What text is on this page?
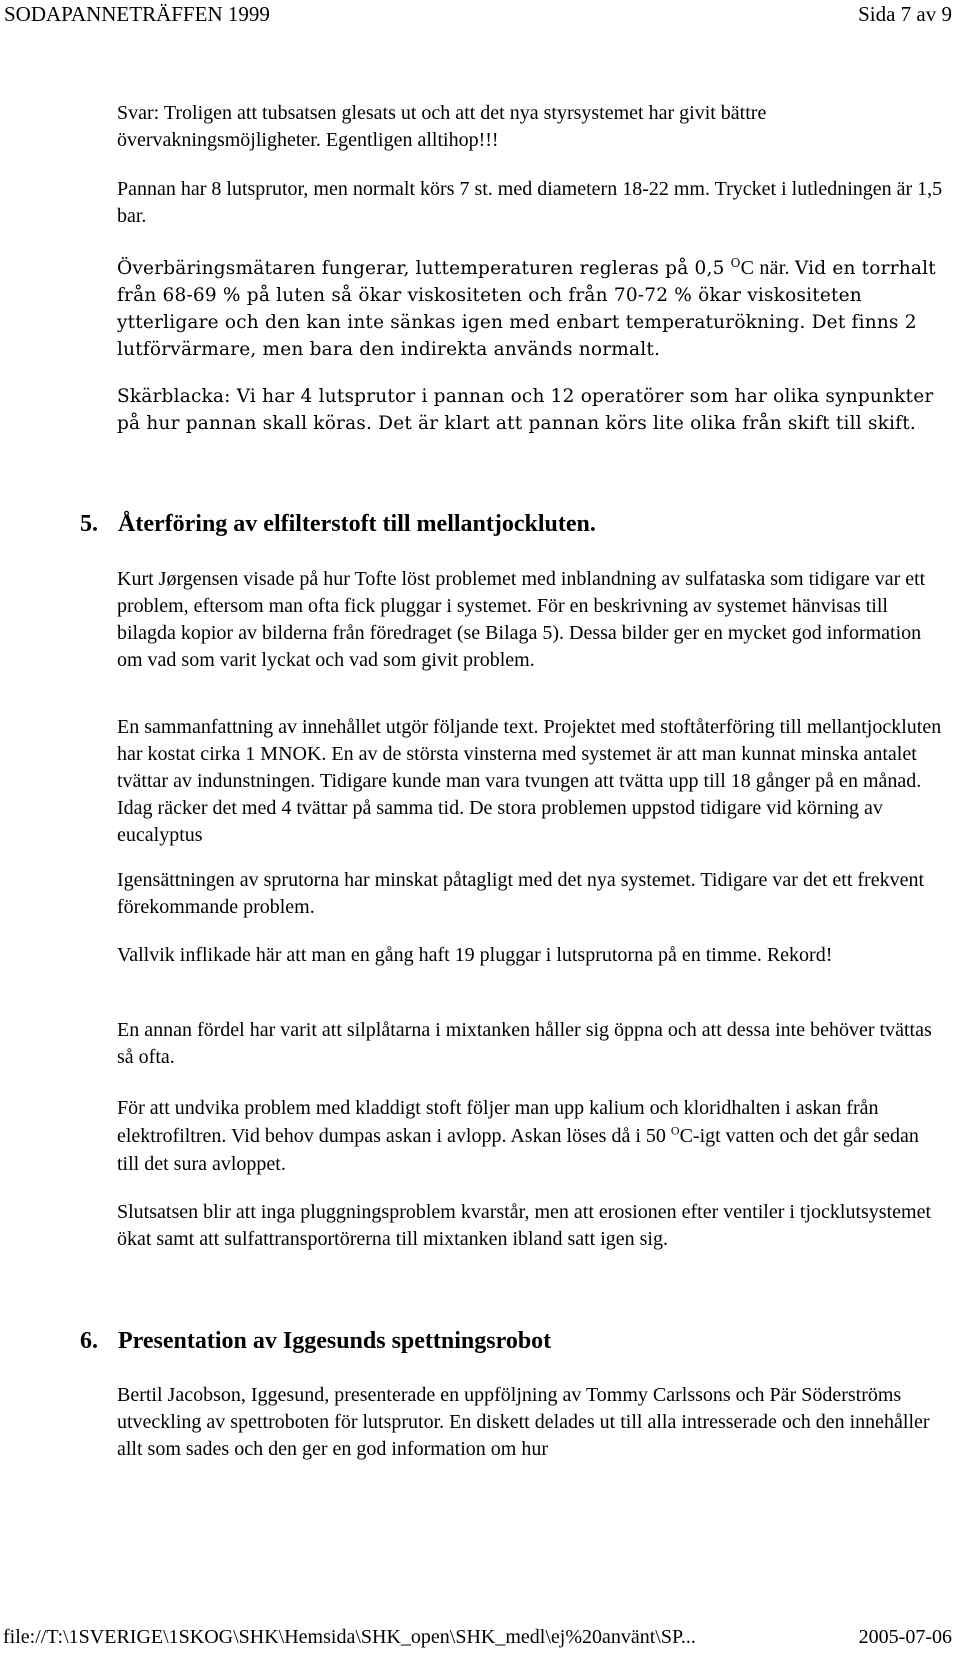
SODAPANNETRÄFFEN 1999	Sida 7 av 9

Svar: Troligen att tubsatsen glesats ut och att det nya styrsystemet har givit bättre övervakningsmöjligheter. Egentligen alltihop!!!

Pannan har 8 lutsprutor, men normalt körs 7 st. med diametern 18-22 mm. Trycket i lutledningen är 1,5 bar.

Överbäringsmätaren fungerar, luttemperaturen regleras på 0,5 $^O$C när. Vid en torrhalt från 68-69 % på luten så ökar viskositeten och från 70-72 % ökar viskositeten ytterligare och den kan inte sänkas igen med enbart temperaturökning. Det finns 2 lutförvärmare, men bara den indirekta används normalt.

Skärblacka: Vi har 4 lutsprutor i pannan och 12 operatörer som har olika synpunkter på hur pannan skall köras. Det är klart att pannan körs lite olika från skift till skift.

5. Återföring av elfilterstoft till mellantjockluten.

Kurt Jørgensen visade på hur Tofte löst problemet med inblandning av sulfataska som tidigare var ett problem, eftersom man ofta fick pluggar i systemet. För en beskrivning av systemet hänvisas till bilagda kopior av bilderna från föredraget (se Bilaga 5). Dessa bilder ger en mycket god information om vad som varit lyckat och vad som givit problem.

En sammanfattning av innehållet utgör följande text. Projektet med stoftåterföring till mellantjockluten har kostat cirka 1 MNOK. En av de största vinsterna med systemet är att man kunnat minska antalet tvättar av indunstningen. Tidigare kunde man vara tvungen att tvätta upp till 18 gånger på en månad. Idag räcker det med 4 tvättar på samma tid. De stora problemen uppstod tidigare vid körning av eucalyptus

Igensättningen av sprutorna har minskat påtagligt med det nya systemet. Tidigare var det ett frekvent förekommande problem.

Vallvik inflikade här att man en gång haft 19 pluggar i lutsprutorna på en timme. Rekord!

En annan fördel har varit att silplåtarna i mixtanken håller sig öppna och att dessa inte behöver tvättas så ofta.

För att undvika problem med kladdigt stoft följer man upp kalium och kloridhalten i askan från elektrofiltren. Vid behov dumpas askan i avlopp. Askan löses då i 50 $^O$C-igt vatten och det går sedan till det sura avloppet.

Slutsatsen blir att inga pluggningsproblem kvarstår, men att erosionen efter ventiler i tjocklutsystemet ökat samt att sulfattransportörerna till mixtanken ibland satt igen sig.

6. Presentation av Iggesunds spettningsrobot

Bertil Jacobson, Iggesund, presenterade en uppföljning av Tommy Carlssons och Pär Söderströms utveckling av spettroboten för lutsprutor. En diskett delades ut till alla intresserade och den innehåller allt som sades och den ger en god information om hur

file://T:\1SVERIGE\1SKOG\SHK\Hemsida\SHK_open\SHK_medl\ej%20använt\SP...	2005-07-06
